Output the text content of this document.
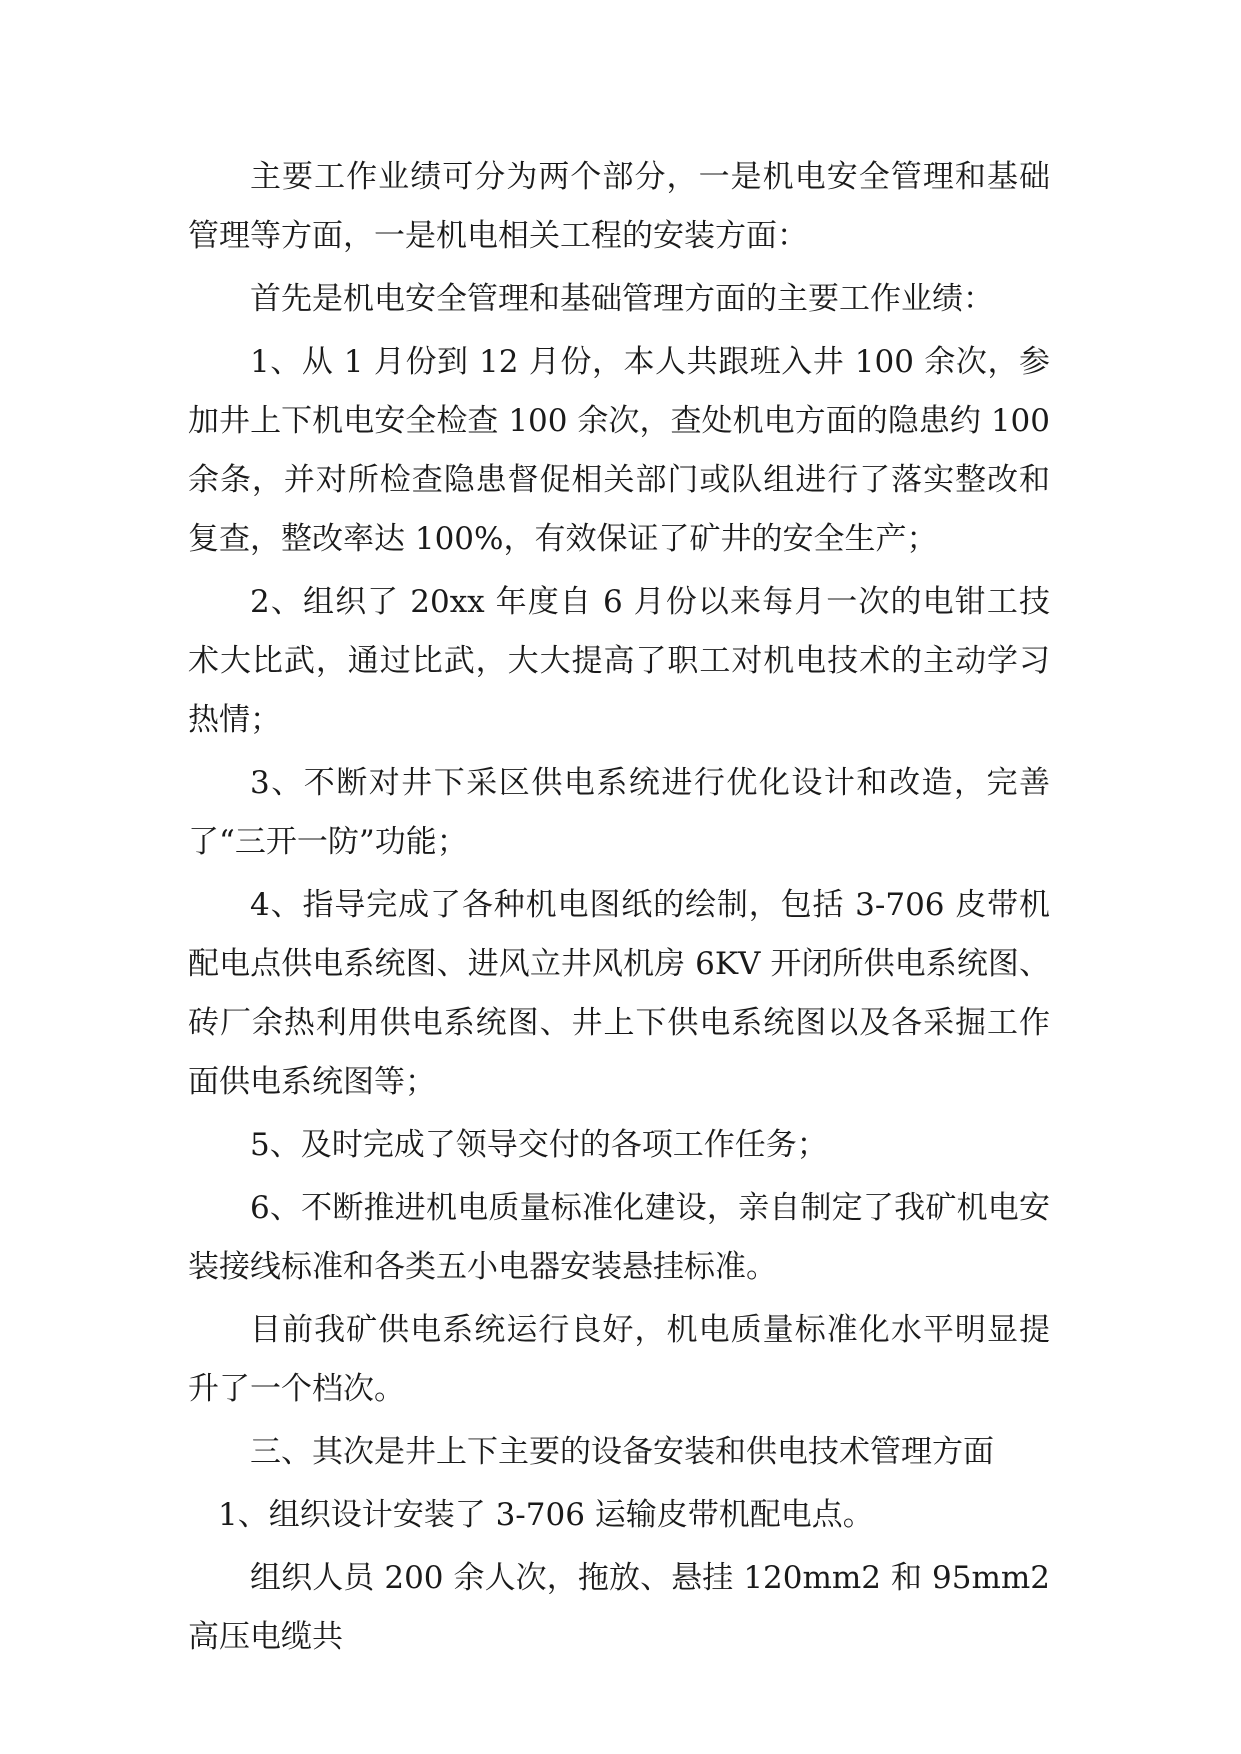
主要工作业绩可分为两个部分，一是机电安全管理和基础管理等方面，一是机电相关工程的安装方面：

首先是机电安全管理和基础管理方面的主要工作业绩：

1、从 1 月份到 12 月份，本人共跟班入井 100 余次，参加井上下机电安全检查 100 余次，查处机电方面的隐患约 100 余条，并对所检查隐患督促相关部门或队组进行了落实整改和复查，整改率达 100%，有效保证了矿井的安全生产；

2、组织了 20xx 年度自 6 月份以来每月一次的电钳工技术大比武，通过比武，大大提高了职工对机电技术的主动学习热情；

3、不断对井下采区供电系统进行优化设计和改造，完善了“三开一防”功能；

4、指导完成了各种机电图纸的绘制，包括 3-706 皮带机配电点供电系统图、进风立井风机房 6KV 开闭所供电系统图、砖厂余热利用供电系统图、井上下供电系统图以及各采掘工作面供电系统图等；

5、及时完成了领导交付的各项工作任务；

6、不断推进机电质量标准化建设，亲自制定了我矿机电安装接线标准和各类五小电器安装悬挂标准。

目前我矿供电系统运行良好，机电质量标准化水平明显提升了一个档次。

三、其次是井上下主要的设备安装和供电技术管理方面

1、组织设计安装了 3-706 运输皮带机配电点。

组织人员 200 余人次，拖放、悬挂 120mm2 和 95mm2 高压电缆共
